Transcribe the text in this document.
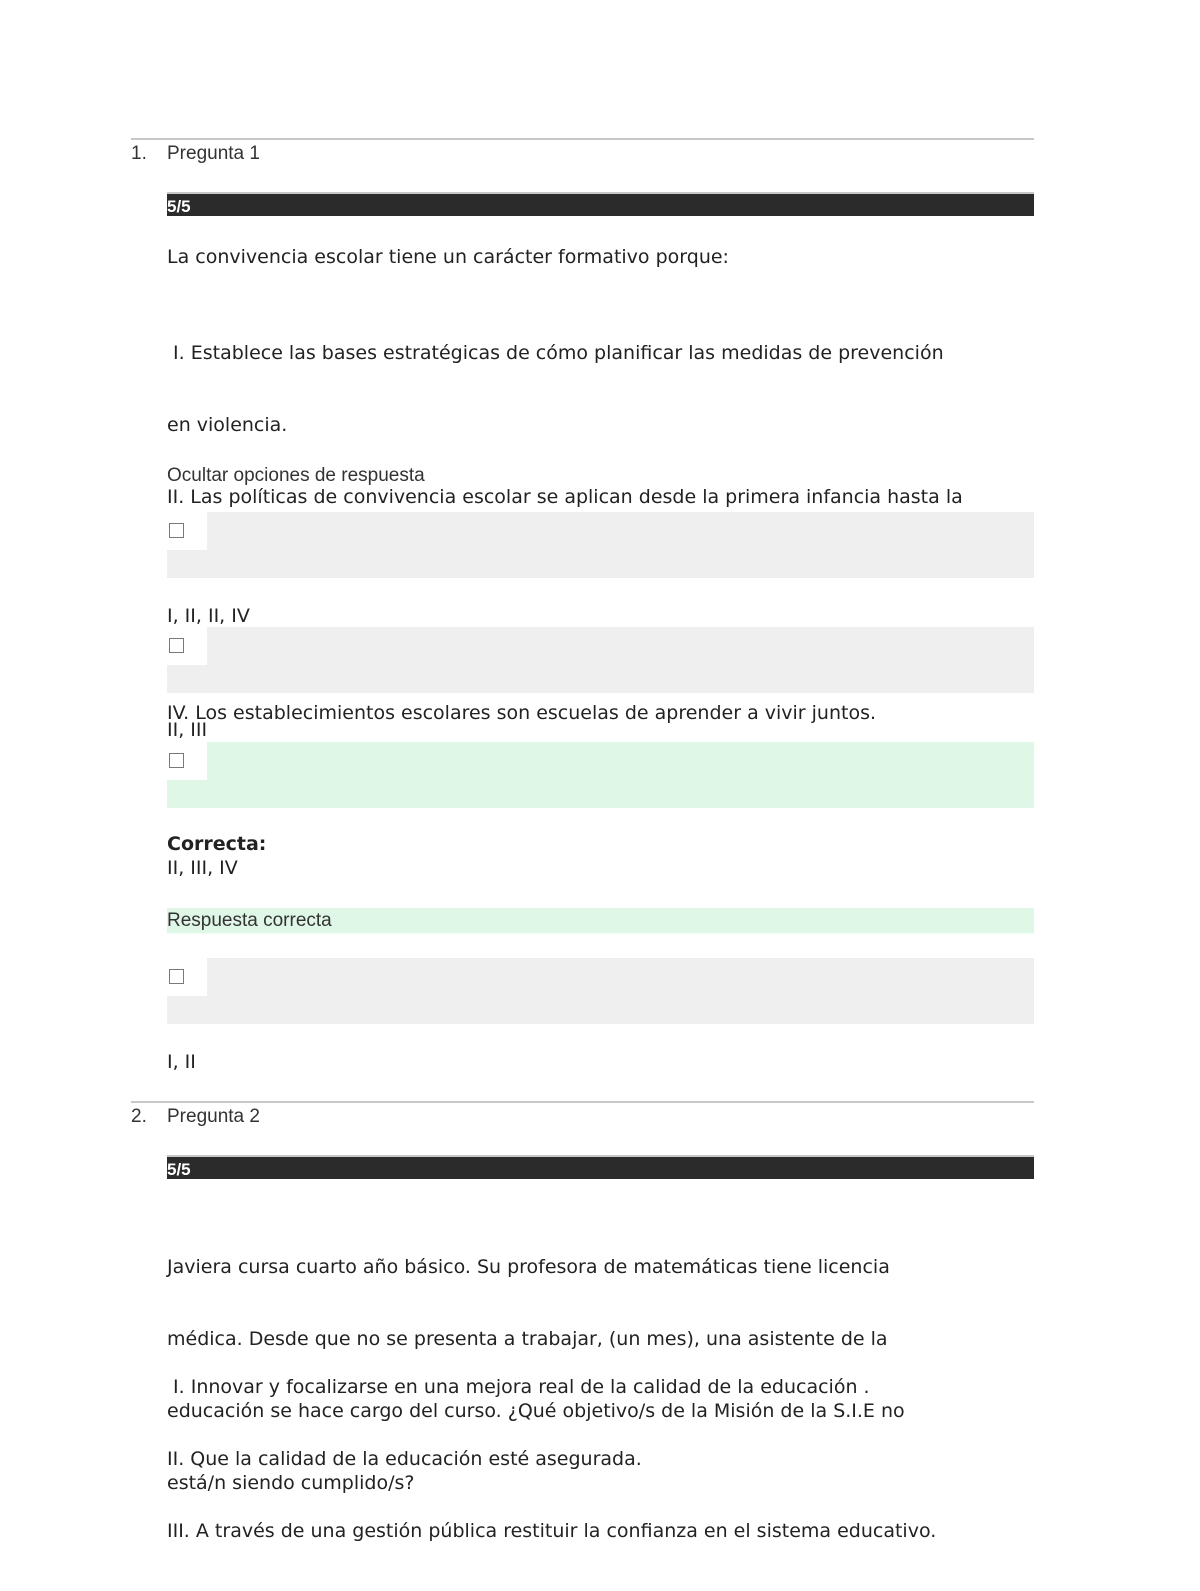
1. Pregunta 1
5/5
La convivencia escolar tiene un carácter formativo porque:

I. Establece las bases estratégicas de cómo planificar las medidas de prevención

en violencia.

II. Las políticas de convivencia escolar se aplican desde la primera infancia hasta la

IV. Los establecimientos escolares son escuelas de aprender a vivir juntos.

Ocultar opciones de respuesta
I, II, II, IV
II, III
Correcta:
II, III, IV
Respuesta correcta
I, II
2. Pregunta 2
5/5

Javiera cursa cuarto año básico. Su profesora de matemáticas tiene licencia

médica. Desde que no se presenta a trabajar, (un mes), una asistente de la

educación se hace cargo del curso. ¿Qué objetivo/s de la Misión de la S.I.E no

está/n siendo cumplido/s?

I. Innovar y focalizarse en una mejora real de la calidad de la educación .

II. Que la calidad de la educación esté asegurada.

III. A través de una gestión pública restituir la confianza en el sistema educativo.
